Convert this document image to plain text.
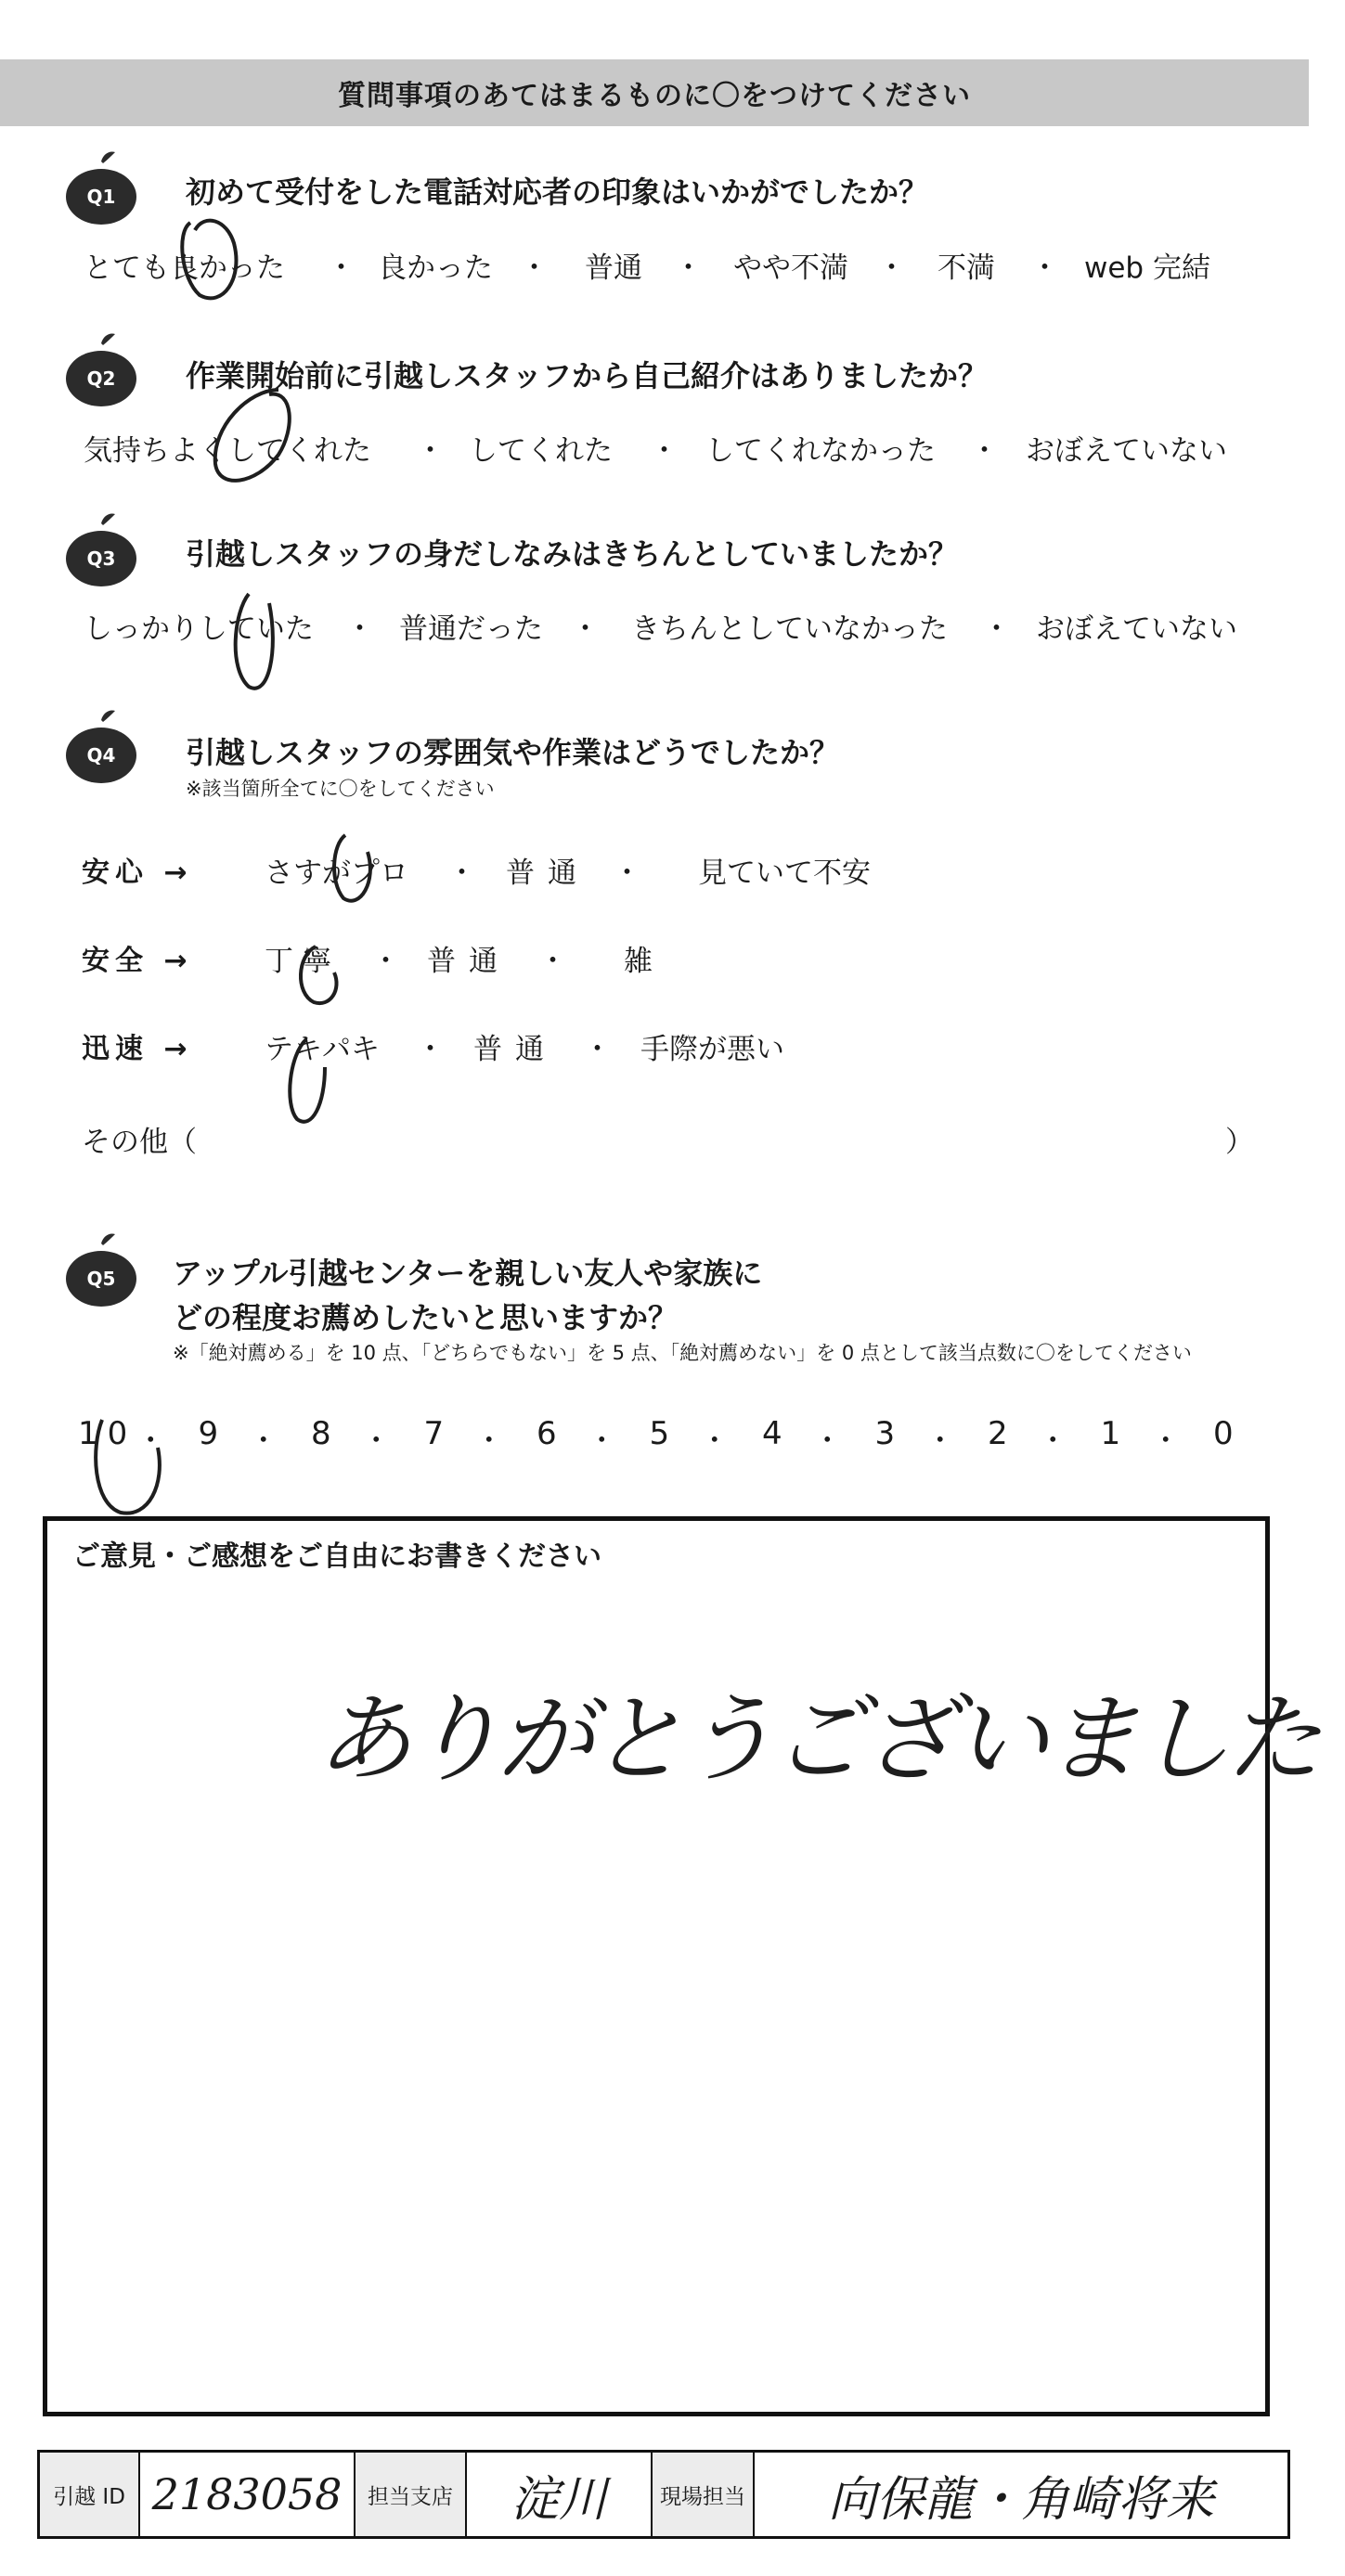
質問事項のあてはまるものに〇をつけてください
Q1 初めて受付をした電話対応者の印象はいかがでしたか？
とても良かった ・ 良かった ・ 普通 ・ やや不満 ・ 不満 ・ web 完結
Q2 作業開始前に引越しスタッフから自己紹介はありましたか？
気持ちよくしてくれた ・ してくれた ・ してくれなかった ・ おぼえていない
Q3 引越しスタッフの身だしなみはきちんとしていましたか？
しっかりしていた ・ 普通だった ・ きちんとしていなかった ・ おぼえていない
Q4 引越しスタッフの雰囲気や作業はどうでしたか？
※該当箇所全てに〇をしてください
安心 → さすがプロ ・ 普通 ・ 見ていて不安
安全 → 丁寧 ・ 普通 ・ 雑
迅速 → テキパキ ・ 普通 ・ 手際が悪い
その他（	）
Q5 アップル引越センターを親しい友人や家族に
どの程度お薦めしたいと思いますか？
※「絶対薦める」を 10 点、「どちらでもない」を 5 点、「絶対薦めない」を 0 点として該当点数に〇をしてください
10 ・ 9 ・ 8 ・ 7 ・ 6 ・ 5 ・ 4 ・ 3 ・ 2 ・ 1 ・ 0
ご意見・ご感想をご自由にお書きください
ありがとうございました
引越 ID 2183058	担当支店	淀川	現場担当	向保龍・角崎将来
